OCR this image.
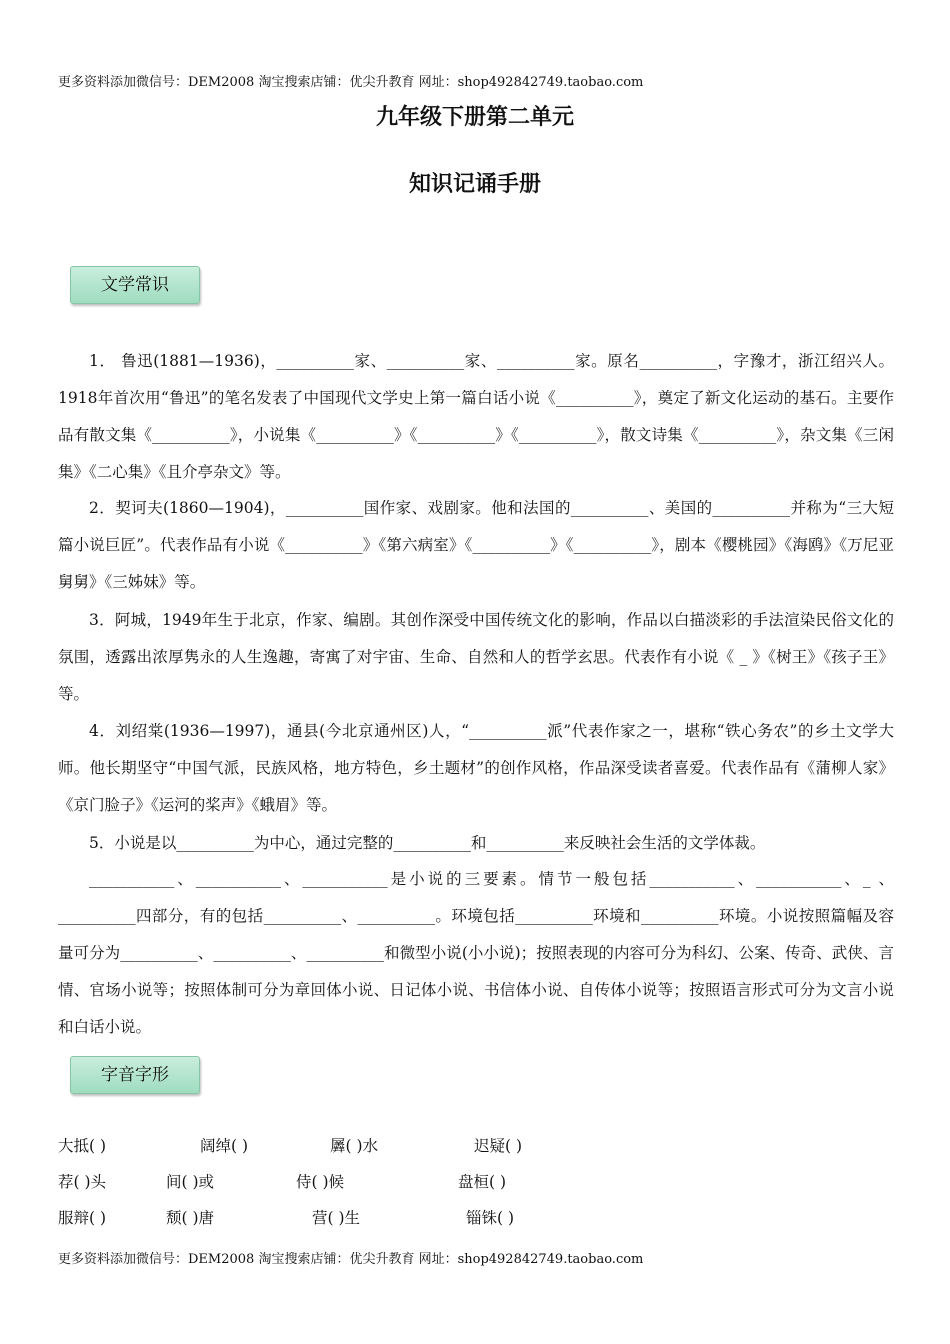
更多资料添加微信号：DEM2008 淘宝搜索店铺：优尖升教育 网址：shop492842749.taobao.com
九年级下册第二单元
知识记诵手册
文学常识

1． 鲁迅(1881—1936)，__________家、__________家、__________家。原名__________，字豫才，浙江绍兴人。1918年首次用“鲁迅”的笔名发表了中国现代文学史上第一篇白话小说《__________》，奠定了新文化运动的基石。主要作品有散文集《__________》，小说集《__________》《__________》《__________》，散文诗集《__________》，杂文集《三闲集》《二心集》《且介亭杂文》等。

2．契诃夫(1860—1904)，__________国作家、戏剧家。他和法国的__________、美国的__________并称为“三大短篇小说巨匠”。代表作品有小说《__________》《第六病室》《__________》《__________》，剧本《樱桃园》《海鸥》《万尼亚舅舅》《三姊妹》等。

3．阿城，1949年生于北京，作家、编剧。其创作深受中国传统文化的影响，作品以白描淡彩的手法渲染民俗文化的氛围，透露出浓厚隽永的人生逸趣，寄寓了对宇宙、生命、自然和人的哲学玄思。代表作有小说《 _ 》《树王》《孩子王》等。

4．刘绍棠(1936—1997)，通县(今北京通州区)人，“__________派”代表作家之一，堪称“铁心务农”的乡土文学大师。他长期坚守“中国气派，民族风格，地方特色，乡土题材”的创作风格，作品深受读者喜爱。代表作品有《蒲柳人家》《京门脸子》《运河的桨声》《蛾眉》等。

5．小说是以__________为中心，通过完整的__________和__________来反映社会生活的文学体裁。

___________、___________、___________是小说的三要素。情节一般包括___________、___________、_ 、__________四部分，有的包括__________、__________。环境包括__________环境和__________环境。小说按照篇幅及容量可分为__________、__________、__________和微型小说(小小说)；按照表现的内容可分为科幻、公案、传奇、武侠、言情、官场小说等；按照体制可分为章回体小说、日记体小说、书信体小说、自传体小说等；按照语言形式可分为文言小说和白话小说。

字音字形
大抵( )	阔绰( )	羼( )水	迟疑( )
荐( )头	间( )或	侍( )候	盘桓( )
服辩( )	颓( )唐	营( )生	锱铢( )
更多资料添加微信号：DEM2008 淘宝搜索店铺：优尖升教育 网址：shop492842749.taobao.com
